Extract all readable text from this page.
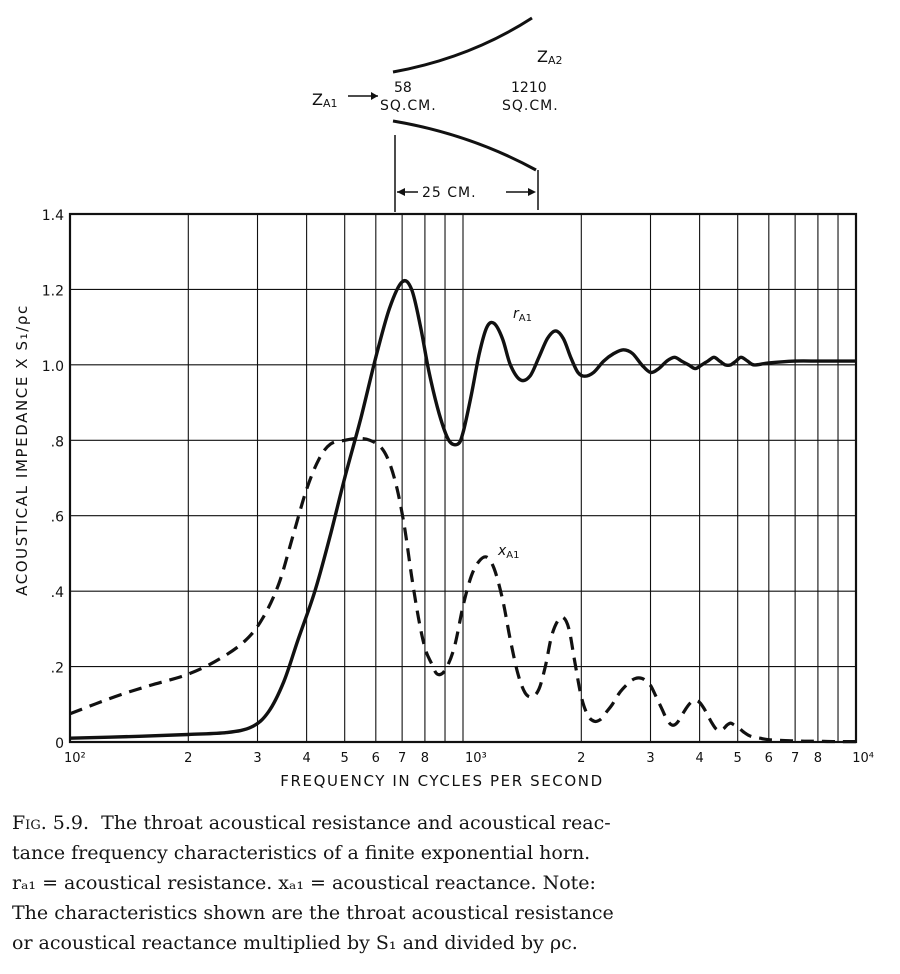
ZA1
58
SQ.CM.
ZA2
1210
SQ.CM.
25 CM.
0
.2
.4
.6
.8
1.0
1.2
1.4
10²	2	3	4 5 6 7 8	10³	2	3	4 5 6 7 8 10⁴
FREQUENCY IN CYCLES PER SECOND
ACOUSTICAL IMPEDANCE X S₁/ρc	$r_{A1}$
$x_{A1}$
Fig. 5.9. The throat acoustical resistance and acoustical reac-
tance frequency characteristics of a finite exponential horn.
rₐ₁ = acoustical resistance. xₐ₁ = acoustical reactance. Note:
The characteristics shown are the throat acoustical resistance
or acoustical reactance multiplied by S₁ and divided by ρc.
